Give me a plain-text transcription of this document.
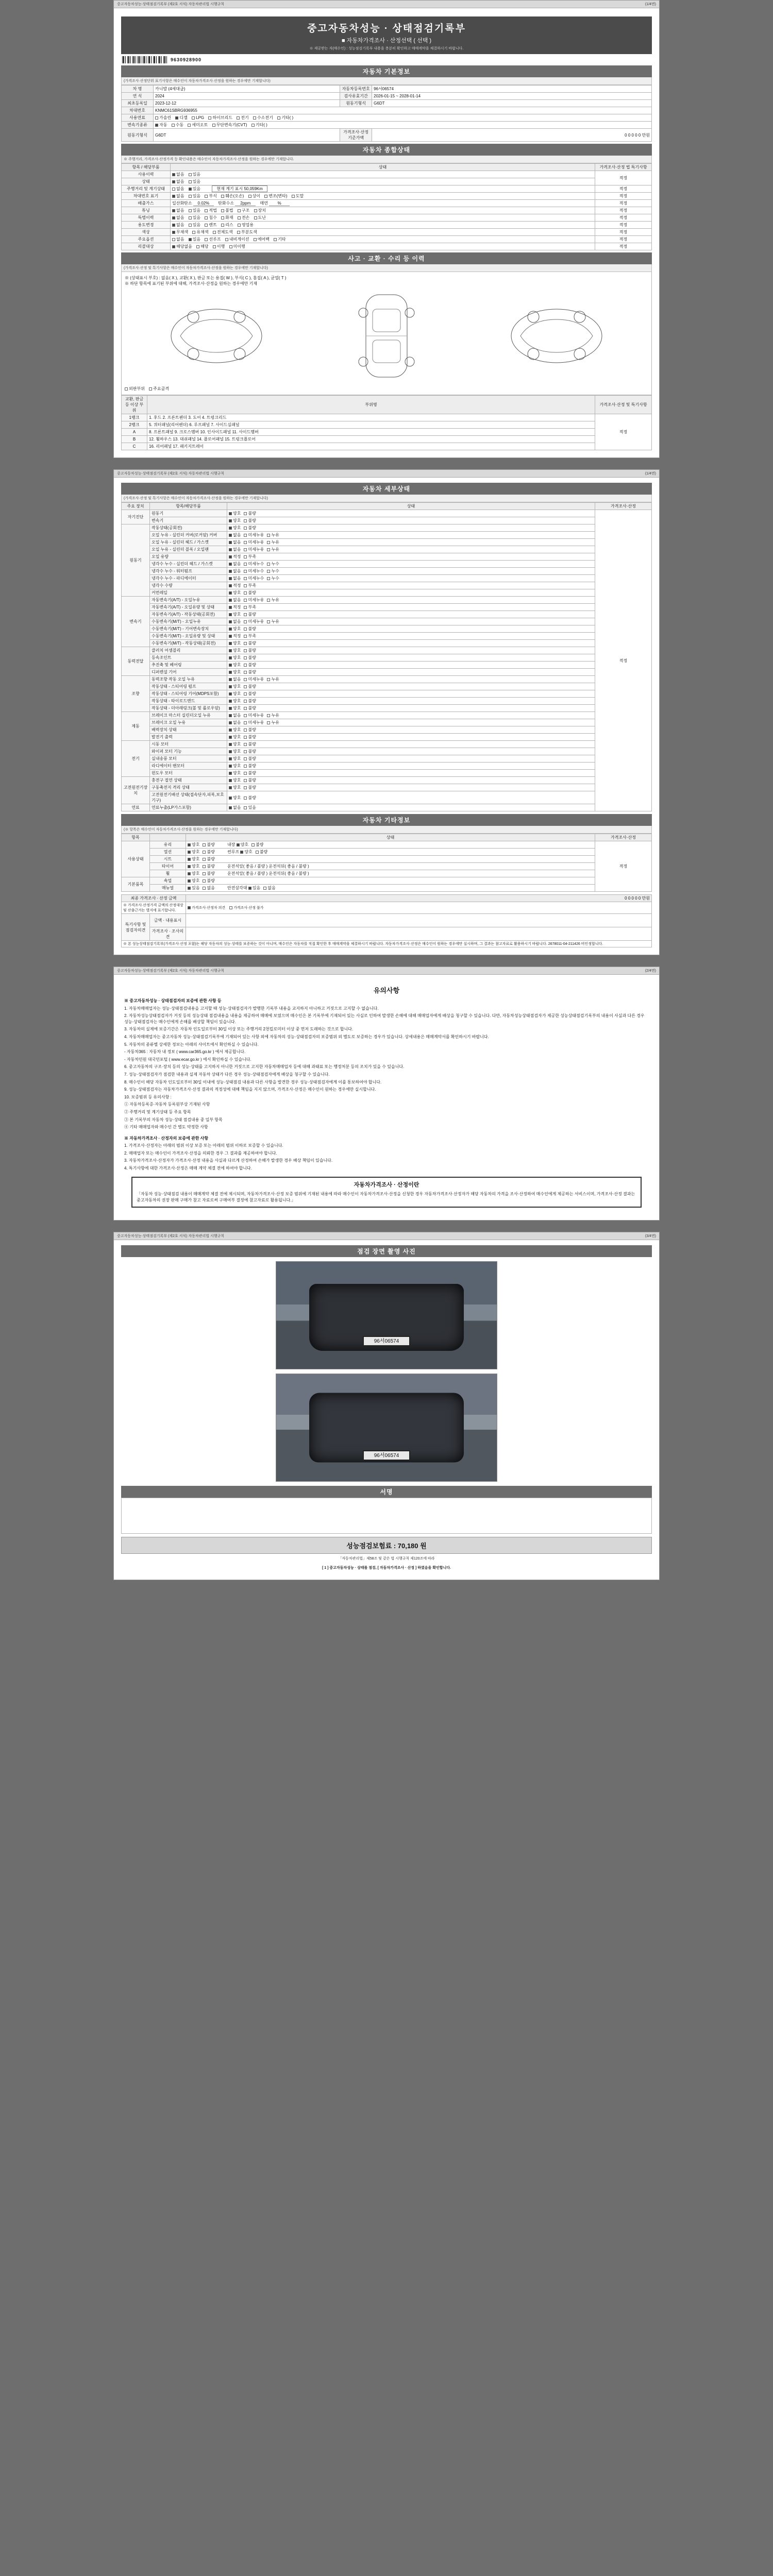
중고자동차성능·상태점검기록부 (제2호 서식) 자동차관리법 시행규칙	(1/4면)
중고자동차성능 · 상태점검기록부
■ 자동차가격조사 · 산정선택 ( 선택 )
※ 제공받는 자(매수인) : 성능점검기록부 내용을 충분히 확인하고 매매계약을 체결하시기 바랍니다.
9630928900
자동차 기본정보
(가격조사·산정단위 표기사항은 매수인이 자동차가격조사·산정을 원하는 경우에만 기재합니다)
차 명	카니발 (4세대급)	자동차등록번호	96서06574
연 식	2024	검사유효기간	2026-01-15 ~ 2028-01-14
최초등록일	2023-12-12	원동기형식	G6DT
차대번호	KNMC61SBRG936955		
사용연료	가솔린 디젤 LPG 하이브리드 전기 수소전기 기타( )		
변속기종류	자동 수동 세미오토 무단변속기(CVT) 기타( )		
원동기형식	G6DT	가격조사·산정 기준가액	0 0 0 0 0 만원
자동차 종합상태
※ 주행거리, 가격조사·산정가격 등 확인내용은 매수인이 자동차가격조사·산정을 원하는 경우에만 기재합니다.
항목 / 해당부품	상태	가격조사·산정 법 특기사항
사용이력	없음 있음	적정
상태	없음 있음	
주행거리 및 계기상태	없음 있음 현재 계기 표시 50,059Km	적정
차대번호 표기	없음 있음 부식 훼손(오손) 상이 변조(변타) 도말	적정
배출가스	일산화탄소 0.02% 탄화수소 2ppm 매연 %	적정
튜닝	없음 있음 적법 불법 구조 장치	적정
특별이력	없음 있음 침수 화재 전손 도난	적정
용도변경	없음 있음 렌트 리스 영업용	적정
색상	무채색 유채색 전체도색 부분도색	적정
주요옵션	없음 있음 선루프 내비게이션 에어백 기타	적정
리콜대상	해당없음 해당 이행 미이행	적정
사고 · 교환 · 수리 등 이력
(가격조사·산정 및 특기사항은 매수인이 자동차가격조사·산정을 원하는 경우에만 기재합니다)
※ (상태표시 부호) : 없음( X ), 교환( X ), 판금 또는 용접( W ), 부식( C ), 흠집( A ), 균열( T )
※ 하단 항목에 표기된 부위에 대해, 가격조사·산정을 원하는 경우에만 기재
외판부위 주요골격
교환, 판금 등 이상 부위	부위명	가격조사·산정 및 특기사항
1랭크	1. 후드 2. 프론트펜더 3. 도어 4. 트렁크리드	적정
2랭크	5. 쿼터패널(리어펜더) 6. 루프패널 7. 사이드실패널	
A	8. 프론트패널 9. 크로스멤버 10. 인사이드패널 11. 사이드멤버	
B	12. 휠하우스 13. 대쉬패널 14. 플로어패널 15. 트렁크플로어	
C	16. 리어패널 17. 패키지트레이	
중고자동차성능·상태점검기록부 (제2호 서식) 자동차관리법 시행규칙	(1/4면)
자동차 세부상태
(가격조사·산정 및 특기사항은 매수인이 자동차가격조사·산정을 원하는 경우에만 기재합니다)
주요 장치	항목/해당부품	상태	가격조사·산정
자기진단	원동기	양호 불량	적정
	변속기	양호 불량	
원동기	작동상태(공회전)	양호 불량	
	오일 누유 - 실린더 커버(로커암) 커버	없음 미세누유 누유	
	오일 누유 - 실린더 헤드 / 가스켓	없음 미세누유 누유	
	오일 누유 - 실린더 블록 / 오일팬	없음 미세누유 누유	
	오일 유량	적정 부족	
	냉각수 누수 - 실린더 헤드 / 가스켓	없음 미세누수 누수	
	냉각수 누수 - 워터펌프	없음 미세누수 누수	
	냉각수 누수 - 라디에이터	없음 미세누수 누수	
	냉각수 수량	적정 부족	
	커먼레일	양호 불량	
변속기	자동변속기(A/T) - 오일누유	없음 미세누유 누유	
	자동변속기(A/T) - 오일유량 및 상태	적정 부족	
	자동변속기(A/T) - 작동상태(공회전)	양호 불량	
	수동변속기(M/T) - 오일누유	없음 미세누유 누유	
	수동변속기(M/T) - 기어변속장치	양호 불량	
	수동변속기(M/T) - 오일유량 및 상태	적정 부족	
	수동변속기(M/T) - 작동상태(공회전)	양호 불량	
동력전달	클러치 어셈블리	양호 불량	
	등속조인트	양호 불량	
	추진축 및 베어링	양호 불량	
	디퍼렌셜 기어	양호 불량	
조향	동력조향 작동 오일 누유	없음 미세누유 누유	
	작동상태 - 스티어링 펌프	양호 불량	
	작동상태 - 스티어링 기어(MDPS포함)	양호 불량	
	작동상태 - 타이로드엔드	양호 불량	
	작동상태 - 더아래링크(볼 및 롤로우암)	양호 불량	
제동	브레이크 마스터 실린더오일 누유	없음 미세누유 누유	
	브레이크 오일 누유	없음 미세누유 누유	
	배력장치 상태	양호 불량	
	발전기 출력	양호 불량	
전기	시동 모터	양호 불량	
	와이퍼 모터 기능	양호 불량	
	실내송풍 모터	양호 불량	
	라디에이터 팬모터	양호 불량	
	윈도우 모터	양호 불량	
고전원전기장치	충전구 절연 상태	양호 불량	
	구동축전지 격리 상태	양호 불량	
	고전원전기배선 상태(접속단자,피복,보호기구)	양호 불량	
연료	연료누출(LP가스포함)	없음 있음	
자동차 기타정보
(※ 항목은 매수인이 자동차가격조사·산정을 원하는 경우에만 기재합니다)
항목		상태	가격조사·산정
사용상태	유리	양호 불량 내장 양호 불량	적정
	열선	양호 불량 썬루프 양호 불량	
	시트	양호 불량	
	타이어	양호 불량 운전석앞( 좋음 / 불량 ) 운전석뒤( 좋음 / 불량 )	
	휠	양호 불량 운전석앞( 좋음 / 불량 ) 운전석뒤( 좋음 / 불량 )	
기본품목	쇽업	양호 불량	
	매뉴얼	있음 없음 안전삼각대 있음 없음	
최종 가격조사 · 산정 금액		0 0 0 0 0 만원
※ 가격조사·산정가격 금액의 산정대상 및 산출근거는 별지에 표기합니다.		가격조사·산정자 의견 가격조사·산정 불가
특기사항 및 점검자의견	금액 · 내용표시	
	가격조사 · 조사의견	
※ 본 성능상태점검기록부(가격조사·산정 포함)는 해당 자동차의 성능·상태를 보증하는 것이 아니며, 매수인은 자동차를 직접 확인한 후 매매계약을 체결하시기 바랍니다. 자동차가격조사·산정은 매수인이 원하는 경우에만 실시하며, 그 결과는 참고자료로 활용하시기 바랍니다. 2678011-04-211426 비인정합니다.		
중고자동차성능·상태점검기록부 (제2호 서식) 자동차관리법 시행규칙	(2/4면)
유의사항

※ 중고자동차성능 · 상태점검자의 보증에 관한 사항 등

1. 자동차매매업자는 성능·상태점검내용을 고지할 때 성능·상태점검자가 발행한 기록부 내용을 교지하지 아니하고 거짓으로 고지할 수 없습니다.

2. 자동차성능상태점검자가 거짓 등의 성능상태 점검내용을 내용을 제공하여 매매에 보였으며 매수인은 본 기록부에 기재되어 있는 사실로 인하여 발생한 손해에 대해 매매업자에게 배상을 청구할 수 있습니다. 다만, 자동차성능상태점검자가 제공한 성능상태점검기록부의 내용이 사실과 다른 경우 성능·상태점검자는 매수인에게 손해를 배상할 책임이 있습니다.

3. 자동차의 실제에 보증기간은 자동차 인도일로부터 30일 이상 또는 주행거리 2천킬로미터 이상 중 먼저 도래하는 것으로 합니다.

4. 자동차매매업자는 중고자동차 성능·상태점검기록부에 기재되어 있는 사항 외에 자동차의 성능·상태점검자의 보증범위 외 별도로 보증하는 경우가 있습니다. 상세내용은 매매계약서를 확인하시기 바랍니다.

5. 자동차의 종류별 상세한 정보는 아래의 사이트에서 확인하실 수 있습니다.

- 자동차365 : 자동차 내 정보 ( www.car365.go.kr ) 에서 제공합니다.

- 자동차민원 대국민포털 ( www.ecar.go.kr ) 에서 확인하실 수 있습니다.

6. 중고자동차의 구조·장치 등의 성능·상태를 고지하지 아니한 거짓으로 고지한 자동차매매업자 등에 대해 과태료 또는 행정처분 등의 조치가 있을 수 있습니다.

7. 성능·상태점검자가 점검한 내용과 실제 자동차 상태가 다른 경우 성능·상태점검자에게 배상을 청구할 수 있습니다.

8. 매수인이 해당 자동차 인도일로부터 30일 이내에 성능·상태점검 내용과 다른 사항을 발견한 경우 성능·상태점검자에게 이를 통보하여야 합니다.

9. 성능·상태점검자는 자동차가격조사·산정 결과의 적정성에 대해 책임을 지지 않으며, 가격조사·산정은 매수인이 원하는 경우에만 실시합니다.

10. 보증범위 등 유의사항 :

① 자동차등록증·자동차 등록원부상 기재된 사항

② 주행거리 및 계기상태 등 주요 항목

③ 본 기록부의 자동차 성능·상태 점검내용 중 일부 항목

④ 기타 매매업자와 매수인 간 별도 약정한 사항

※ 자동차가격조사 · 산정자의 보증에 관한 사항

1. 가격조사·산정자는 아래의 범위 이상 보증 또는 아래의 범위 이하로 보증할 수 있습니다.

2. 매매업자 또는 매수인이 가격조사·산정을 의뢰한 경우 그 결과를 제공하여야 합니다.

3. 자동차가격조사·산정자가 가격조사·산정 내용을 사실과 다르게 산정하여 손해가 발생한 경우 배상 책임이 있습니다.

4. 특기사항에 대한 가격조사·산정은 매매 계약 체결 전에 하여야 합니다.

자동차가격조사 · 산정이란
「자동차 성능·상태점검 내용이 매매계약 체결 전에 제시되며, 자동차가격조사·산정 보증 범위에 기재된 내용에 따라 매수인이 자동차가격조사·산정을 신청한 경우 자동차가격조사·산정자가 해당 자동차의 가격을 조사·산정하여 매수인에게 제공하는 서비스이며, 가격조사·산정 결과는 중고자동차의 권장 판매 구매가 참고 자료로써 구매여부 결정에 참고자료로 활용됩니다.」
중고자동차성능·상태점검기록부 (제2호 서식) 자동차관리법 시행규칙	(3/4면)
점검 장면 촬영 사진
96서06574
96서06574
서명
성능점검보험료 : 70,180 원
「자동차관리법」제58조 및 같은 법 시행규칙 제120조에 따라
[ 1 ] 중고자동차성능 · 상태를 점검, [ 자동차가격조사 · 산정 ] 하였음을 확인합니다.
